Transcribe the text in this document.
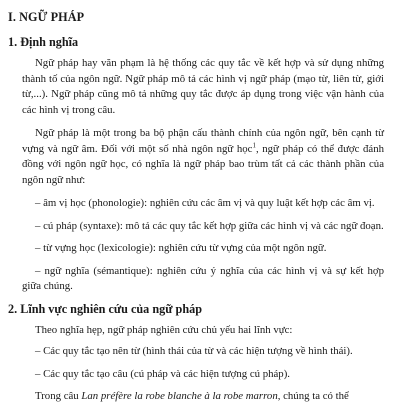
I. NGỮ PHÁP
1. Định nghĩa

Ngữ pháp hay văn phạm là hệ thống các quy tắc về kết hợp và sử dụng những thành tố của ngôn ngữ. Ngữ pháp mô tả các hình vị ngữ pháp (mạo từ, liên từ, giới từ,...). Ngữ pháp cũng mô tả những quy tắc được áp dụng trong việc vận hành của các hình vị trong câu.

Ngữ pháp là một trong ba bộ phận cấu thành chính của ngôn ngữ, bên cạnh từ vựng và ngữ âm. Đối với một số nhà ngôn ngữ học$^1$, ngữ pháp có thể được đánh đồng với ngôn ngữ học, có nghĩa là ngữ pháp bao trùm tất cả các thành phần của ngôn ngữ như:

– âm vị học (phonologie): nghiên cứu các âm vị và quy luật kết hợp các âm vị.

– cú pháp (syntaxe): mô tả các quy tắc kết hợp giữa các hình vị và các ngữ đoạn.

– từ vựng học (lexicologie): nghiên cứu từ vựng của một ngôn ngữ.

– ngữ nghĩa (sémantique): nghiên cứu ý nghĩa của các hình vị và sự kết hợp giữa chúng.

2. Lĩnh vực nghiên cứu của ngữ pháp

Theo nghĩa hẹp, ngữ pháp nghiên cứu chủ yếu hai lĩnh vực:

– Các quy tắc tạo nên từ (hình thái của từ và các hiện tượng về hình thái).

– Các quy tắc tạo câu (cú pháp và các hiện tượng cú pháp).

Trong câu Lan préfère la robe blanche à la robe marron, chúng ta có thể
